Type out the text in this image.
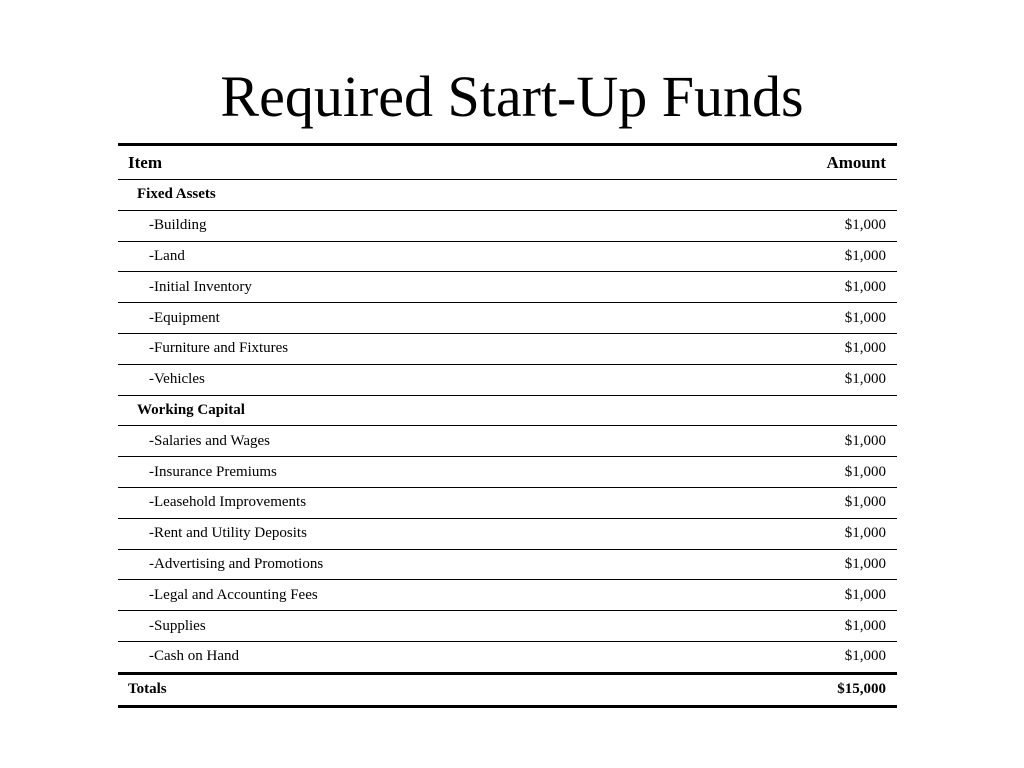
Required Start-Up Funds
Item	Amount
Fixed Assets	
-Building	$1,000
-Land	$1,000
-Initial Inventory	$1,000
-Equipment	$1,000
-Furniture and Fixtures	$1,000
-Vehicles	$1,000
Working Capital	
-Salaries and Wages	$1,000
-Insurance Premiums	$1,000
-Leasehold Improvements	$1,000
-Rent and Utility Deposits	$1,000
-Advertising and Promotions	$1,000
-Legal and Accounting Fees	$1,000
-Supplies	$1,000
-Cash on Hand	$1,000
Totals	$15,000
